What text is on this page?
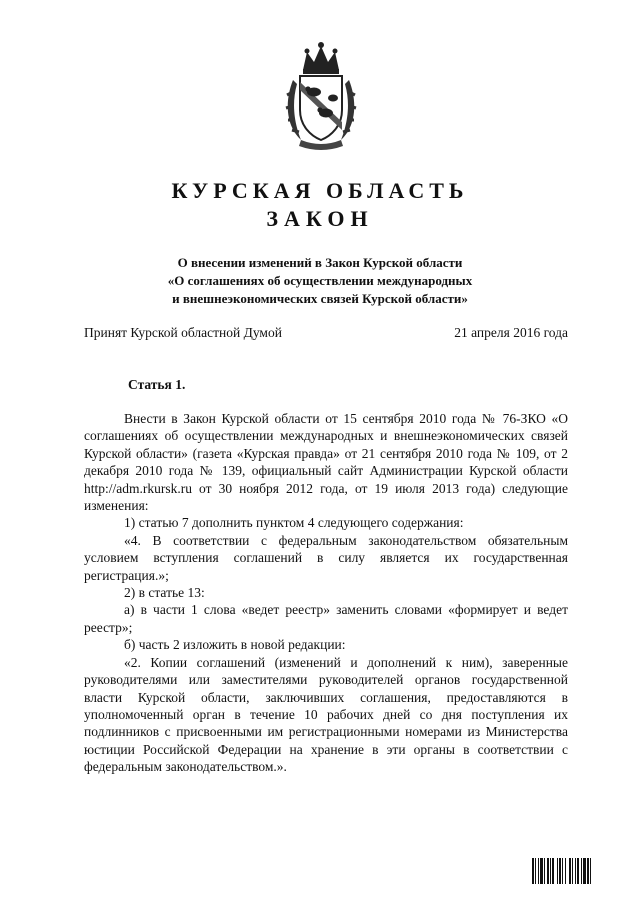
КУРСКАЯ ОБЛАСТЬ
ЗАКОН
О внесении изменений в Закон Курской области
«О соглашениях об осуществлении международных
и внешнеэкономических связей Курской области»
Принят Курской областной Думой	21 апреля 2016 года
Статья 1.

Внести в Закон Курской области от 15 сентября 2010 года № 76-ЗКО «О соглашениях об осуществлении международных и внешнеэкономических связей Курской области» (газета «Курская правда» от 21 сентября 2010 года № 109, от 2 декабря 2010 года № 139, официальный сайт Администрации Курской области http://adm.rkursk.ru от 30 ноября 2012 года, от 19 июля 2013 года) следующие изменения:

1) статью 7 дополнить пунктом 4 следующего содержания:

«4. В соответствии с федеральным законодательством обязательным условием вступления соглашений в силу является их государственная регистрация.»;

2) в статье 13:

а) в части 1 слова «ведет реестр» заменить словами «формирует и ведет реестр»;

б) часть 2 изложить в новой редакции:

«2. Копии соглашений (изменений и дополнений к ним), заверенные руководителями или заместителями руководителей органов государственной власти Курской области, заключивших соглашения, предоставляются в уполномоченный орган в течение 10 рабочих дней со дня поступления их подлинников с присвоенными им регистрационными номерами из Министерства юстиции Российской Федерации на хранение в эти органы в соответствии с федеральным законодательством.».
